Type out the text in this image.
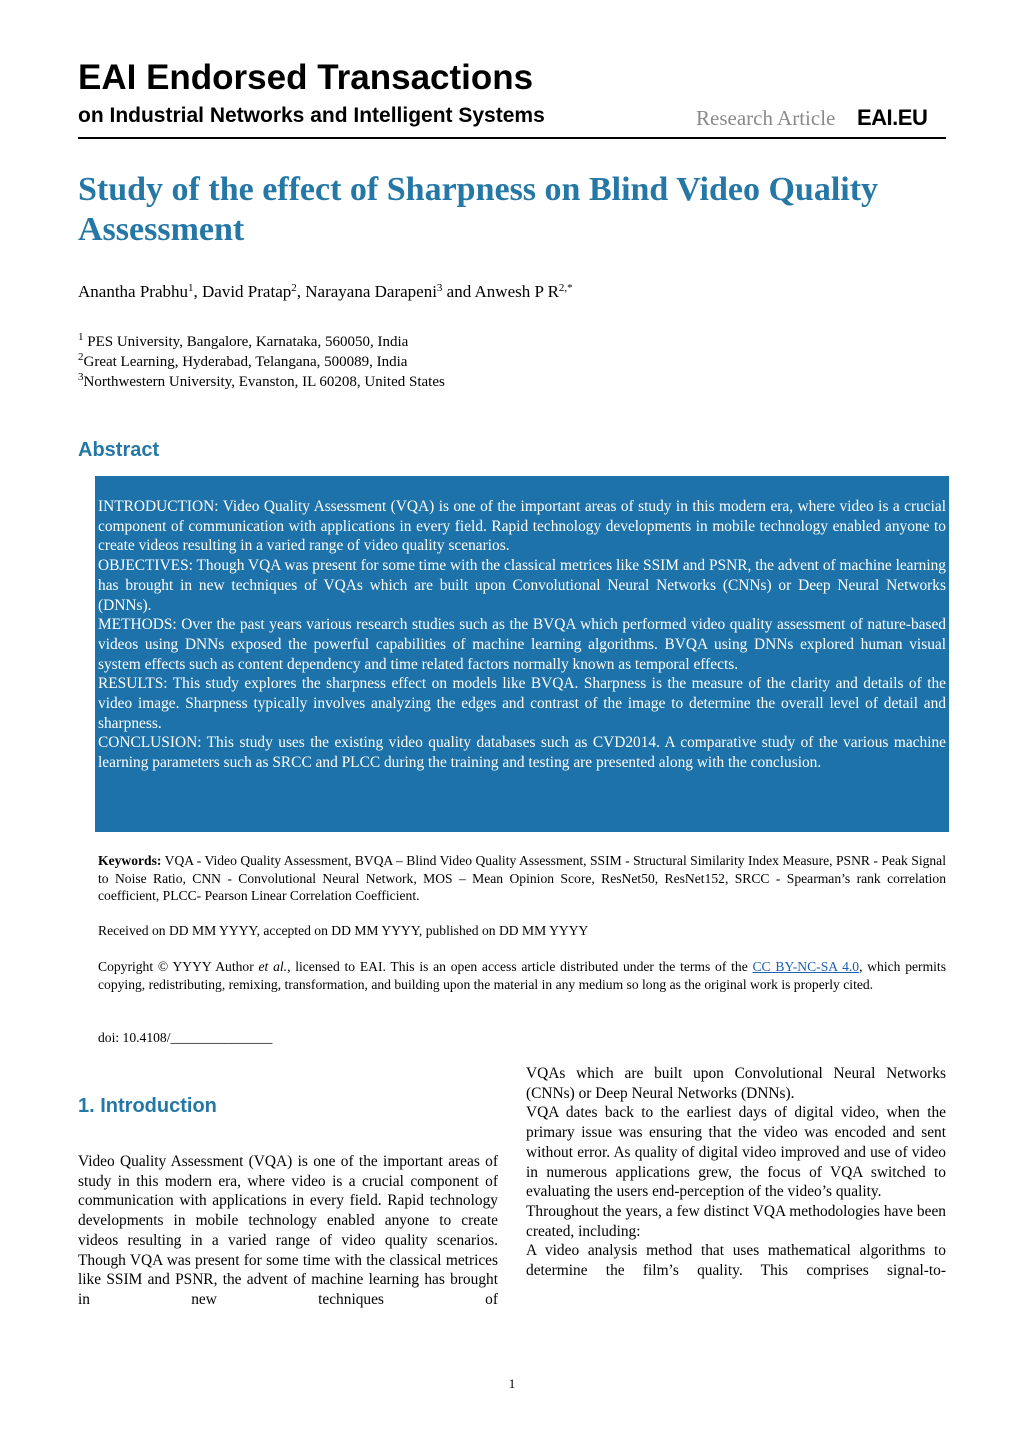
EAI Endorsed Transactions
on Industrial Networks and Intelligent Systems	Research Article EAI.EU
Study of the effect of Sharpness on Blind Video Quality Assessment
Anantha Prabhu$^1$, David Pratap$^2$, Narayana Darapeni$^3$ and Anwesh P $R^{2,*}$
$^1$ PES University, Bangalore, Karnataka, 560050, India
$^2$Great Learning, Hyderabad, Telangana, 500089, India
$^3$Northwestern University, Evanston, IL 60208, United States
Abstract

INTRODUCTION: Video Quality Assessment (VQA) is one of the important areas of study in this modern era, where video is a crucial component of communication with applications in every field. Rapid technology developments in mobile technology enabled anyone to create videos resulting in a varied range of video quality scenarios.

OBJECTIVES: Though VQA was present for some time with the classical metrices like SSIM and PSNR, the advent of machine learning has brought in new techniques of VQAs which are built upon Convolutional Neural Networks (CNNs) or Deep Neural Networks (DNNs).

METHODS: Over the past years various research studies such as the BVQA which performed video quality assessment of nature-based videos using DNNs exposed the powerful capabilities of machine learning algorithms. BVQA using DNNs explored human visual system effects such as content dependency and time related factors normally known as temporal effects.

RESULTS: This study explores the sharpness effect on models like BVQA. Sharpness is the measure of the clarity and details of the video image. Sharpness typically involves analyzing the edges and contrast of the image to determine the overall level of detail and sharpness.

CONCLUSION: This study uses the existing video quality databases such as CVD2014. A comparative study of the various machine learning parameters such as SRCC and PLCC during the training and testing are presented along with the conclusion.

Keywords: VQA - Video Quality Assessment, BVQA – Blind Video Quality Assessment, SSIM - Structural Similarity Index Measure, PSNR - Peak Signal to Noise Ratio, CNN - Convolutional Neural Network, MOS – Mean Opinion Score, ResNet50, ResNet152, SRCC - Spearman’s rank correlation coefficient, PLCC- Pearson Linear Correlation Coefficient.
Received on DD MM YYYY, accepted on DD MM YYYY, published on DD MM YYYY
Copyright © YYYY Author et al., licensed to EAI. This is an open access article distributed under the terms of the CC BY-NC-SA 4.0, which permits copying, redistributing, remixing, transformation, and building upon the material in any medium so long as the original work is properly cited.
doi: 10.4108/_______________
1. Introduction

Video Quality Assessment (VQA) is one of the important areas of study in this modern era, where video is a crucial component of communication with applications in every field. Rapid technology developments in mobile technology enabled anyone to create videos resulting in a varied range of video quality scenarios. Though VQA was present for some time with the classical metrices like SSIM and PSNR, the advent of machine learning has brought in new techniques of

VQAs which are built upon Convolutional Neural Networks (CNNs) or Deep Neural Networks (DNNs).

VQA dates back to the earliest days of digital video, when the primary issue was ensuring that the video was encoded and sent without error. As quality of digital video improved and use of video in numerous applications grew, the focus of VQA switched to evaluating the users end-perception of the video’s quality.

Throughout the years, a few distinct VQA methodologies have been created, including:

A video analysis method that uses mathematical algorithms to determine the film’s quality. This comprises signal-to-

1
